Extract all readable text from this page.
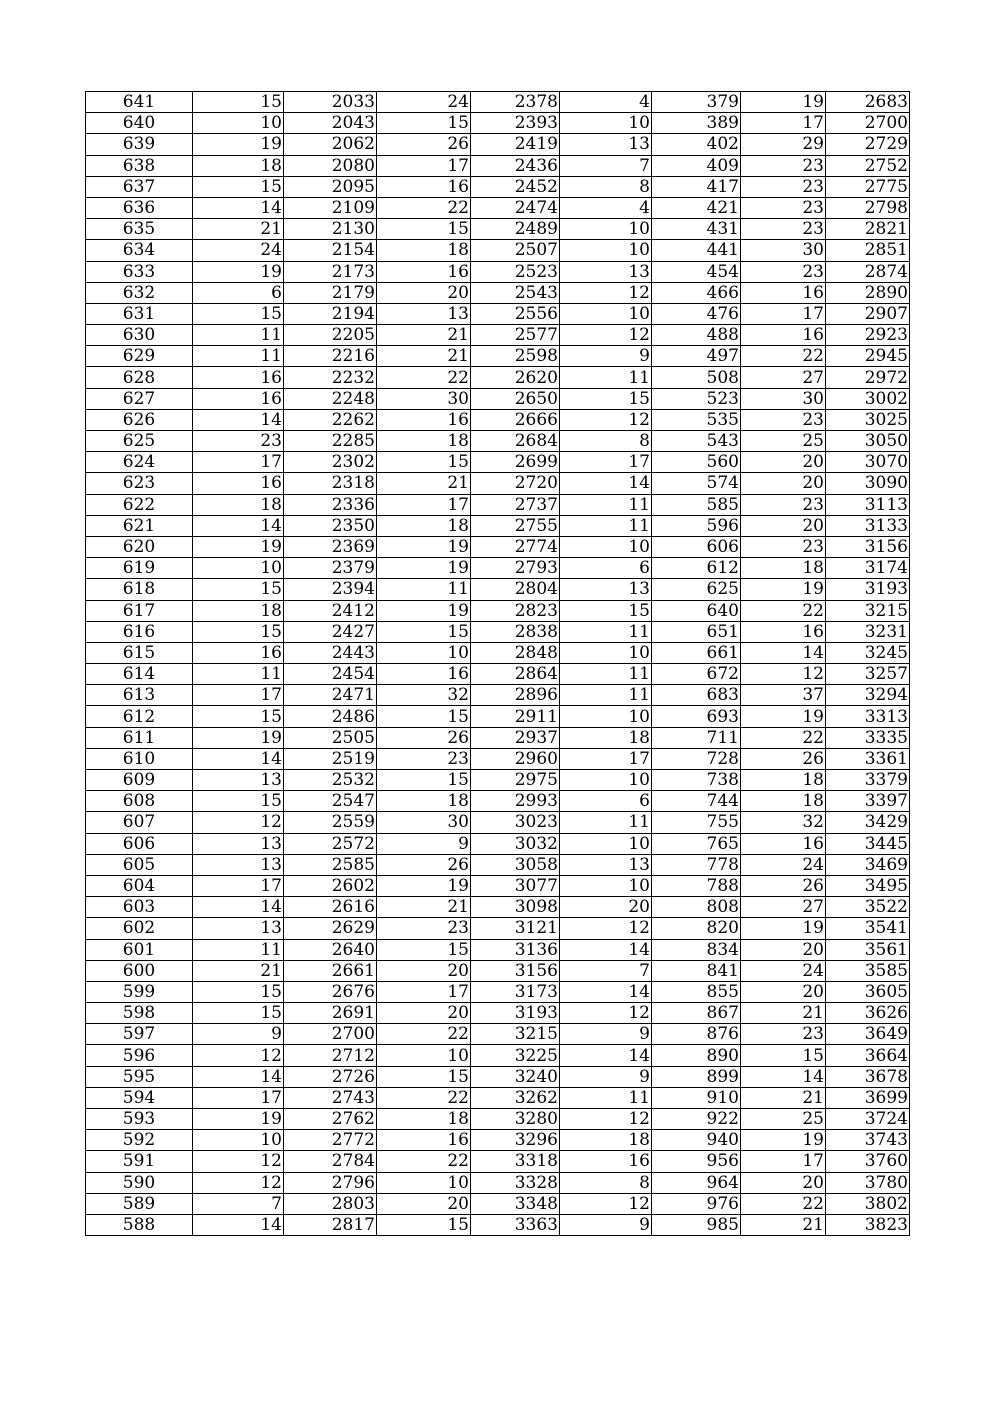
641	15	2033	24	2378	4	379	19	2683
640	10	2043	15	2393	10	389	17	2700
639	19	2062	26	2419	13	402	29	2729
638	18	2080	17	2436	7	409	23	2752
637	15	2095	16	2452	8	417	23	2775
636	14	2109	22	2474	4	421	23	2798
635	21	2130	15	2489	10	431	23	2821
634	24	2154	18	2507	10	441	30	2851
633	19	2173	16	2523	13	454	23	2874
632	6	2179	20	2543	12	466	16	2890
631	15	2194	13	2556	10	476	17	2907
630	11	2205	21	2577	12	488	16	2923
629	11	2216	21	2598	9	497	22	2945
628	16	2232	22	2620	11	508	27	2972
627	16	2248	30	2650	15	523	30	3002
626	14	2262	16	2666	12	535	23	3025
625	23	2285	18	2684	8	543	25	3050
624	17	2302	15	2699	17	560	20	3070
623	16	2318	21	2720	14	574	20	3090
622	18	2336	17	2737	11	585	23	3113
621	14	2350	18	2755	11	596	20	3133
620	19	2369	19	2774	10	606	23	3156
619	10	2379	19	2793	6	612	18	3174
618	15	2394	11	2804	13	625	19	3193
617	18	2412	19	2823	15	640	22	3215
616	15	2427	15	2838	11	651	16	3231
615	16	2443	10	2848	10	661	14	3245
614	11	2454	16	2864	11	672	12	3257
613	17	2471	32	2896	11	683	37	3294
612	15	2486	15	2911	10	693	19	3313
611	19	2505	26	2937	18	711	22	3335
610	14	2519	23	2960	17	728	26	3361
609	13	2532	15	2975	10	738	18	3379
608	15	2547	18	2993	6	744	18	3397
607	12	2559	30	3023	11	755	32	3429
606	13	2572	9	3032	10	765	16	3445
605	13	2585	26	3058	13	778	24	3469
604	17	2602	19	3077	10	788	26	3495
603	14	2616	21	3098	20	808	27	3522
602	13	2629	23	3121	12	820	19	3541
601	11	2640	15	3136	14	834	20	3561
600	21	2661	20	3156	7	841	24	3585
599	15	2676	17	3173	14	855	20	3605
598	15	2691	20	3193	12	867	21	3626
597	9	2700	22	3215	9	876	23	3649
596	12	2712	10	3225	14	890	15	3664
595	14	2726	15	3240	9	899	14	3678
594	17	2743	22	3262	11	910	21	3699
593	19	2762	18	3280	12	922	25	3724
592	10	2772	16	3296	18	940	19	3743
591	12	2784	22	3318	16	956	17	3760
590	12	2796	10	3328	8	964	20	3780
589	7	2803	20	3348	12	976	22	3802
588	14	2817	15	3363	9	985	21	3823
